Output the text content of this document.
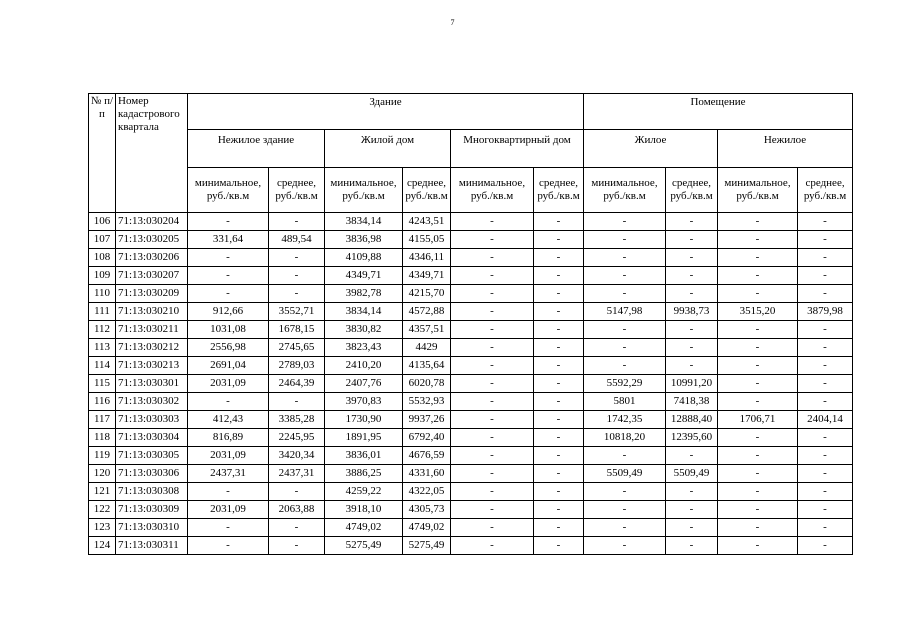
7
№ п/п	Номер кадастрового квартала	Здание						Помещение			
		Нежилое здание		Жилой дом		Многоквартирный дом		Жилое		Нежилое	
		минимальное, руб./кв.м	среднее, руб./кв.м	минимальное, руб./кв.м	среднее, руб./кв.м	минимальное, руб./кв.м	среднее, руб./кв.м	минимальное, руб./кв.м	среднее, руб./кв.м	минимальное, руб./кв.м	среднее, руб./кв.м
106	71:13:030204	-	-	3834,14	4243,51	-	-	-	-	-	-
107	71:13:030205	331,64	489,54	3836,98	4155,05	-	-	-	-	-	-
108	71:13:030206	-	-	4109,88	4346,11	-	-	-	-	-	-
109	71:13:030207	-	-	4349,71	4349,71	-	-	-	-	-	-
110	71:13:030209	-	-	3982,78	4215,70	-	-	-	-	-	-
111	71:13:030210	912,66	3552,71	3834,14	4572,88	-	-	5147,98	9938,73	3515,20	3879,98
112	71:13:030211	1031,08	1678,15	3830,82	4357,51	-	-	-	-	-	-
113	71:13:030212	2556,98	2745,65	3823,43	4429	-	-	-	-	-	-
114	71:13:030213	2691,04	2789,03	2410,20	4135,64	-	-	-	-	-	-
115	71:13:030301	2031,09	2464,39	2407,76	6020,78	-	-	5592,29	10991,20	-	-
116	71:13:030302	-	-	3970,83	5532,93	-	-	5801	7418,38	-	-
117	71:13:030303	412,43	3385,28	1730,90	9937,26	-	-	1742,35	12888,40	1706,71	2404,14
118	71:13:030304	816,89	2245,95	1891,95	6792,40	-	-	10818,20	12395,60	-	-
119	71:13:030305	2031,09	3420,34	3836,01	4676,59	-	-	-	-	-	-
120	71:13:030306	2437,31	2437,31	3886,25	4331,60	-	-	5509,49	5509,49	-	-
121	71:13:030308	-	-	4259,22	4322,05	-	-	-	-	-	-
122	71:13:030309	2031,09	2063,88	3918,10	4305,73	-	-	-	-	-	-
123	71:13:030310	-	-	4749,02	4749,02	-	-	-	-	-	-
124	71:13:030311	-	-	5275,49	5275,49	-	-	-	-	-	-
